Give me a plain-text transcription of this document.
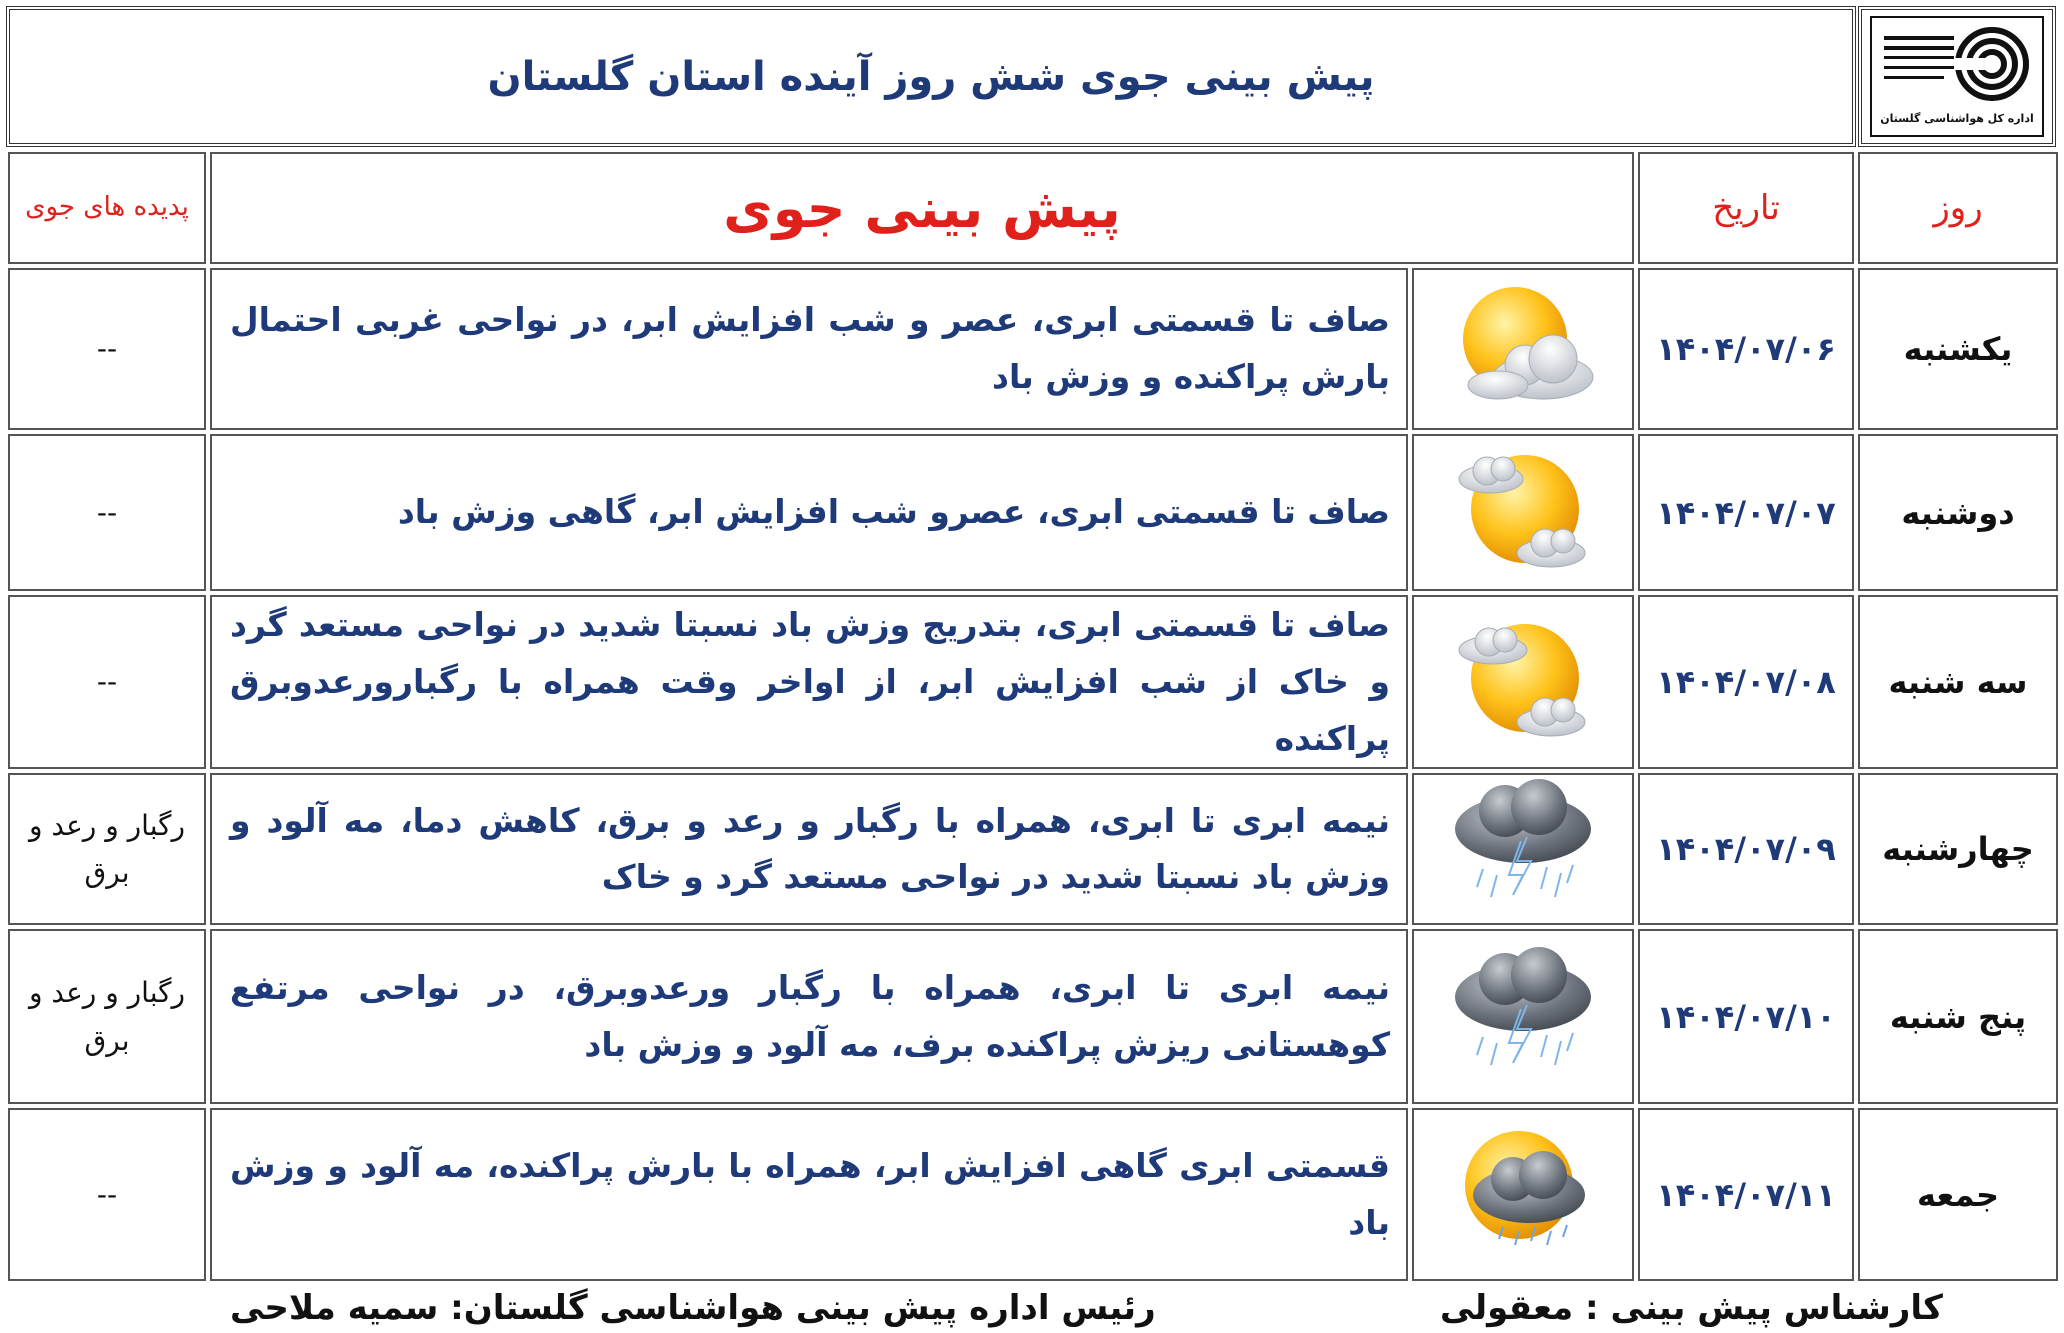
پیش بینی جوی شش روز آینده استان گلستان
اداره کل هواشناسی گلستان
روز	تاریخ	پیش بینی جوی		پدیده های جوی
یکشنبه	۱۴۰۴/۰۷/۰۶		صاف تا قسمتی ابری، عصر و شب افزایش ابر، در نواحی غربی احتمال بارش پراکنده و وزش باد	--
دوشنبه	۱۴۰۴/۰۷/۰۷		صاف تا قسمتی ابری، عصرو شب افزایش ابر، گاهی وزش باد	--
سه شنبه	۱۴۰۴/۰۷/۰۸		صاف تا قسمتی ابری، بتدریج وزش باد نسبتا شدید در نواحی مستعد گرد و خاک از شب افزایش ابر، از اواخر وقت همراه با رگبارورعدوبرق پراکنده	--
چهارشنبه	۱۴۰۴/۰۷/۰۹		نیمه ابری تا ابری، همراه با رگبار و رعد و برق، کاهش دما، مه آلود و وزش باد نسبتا شدید در نواحی مستعد گرد و خاک	رگبار و رعد و برق
پنج شنبه	۱۴۰۴/۰۷/۱۰		نیمه ابری تا ابری، همراه با رگبار ورعدوبرق، در نواحی مرتفع کوهستانی ریزش پراکنده برف، مه آلود و وزش باد	رگبار و رعد و برق
جمعه	۱۴۰۴/۰۷/۱۱		قسمتی ابری گاهی افزایش ابر، همراه با بارش پراکنده، مه آلود و وزش باد	--
رئیس اداره پیش بینی هواشناسی گلستان: سمیه ملاحی	کارشناس پیش بینی : معقولی
